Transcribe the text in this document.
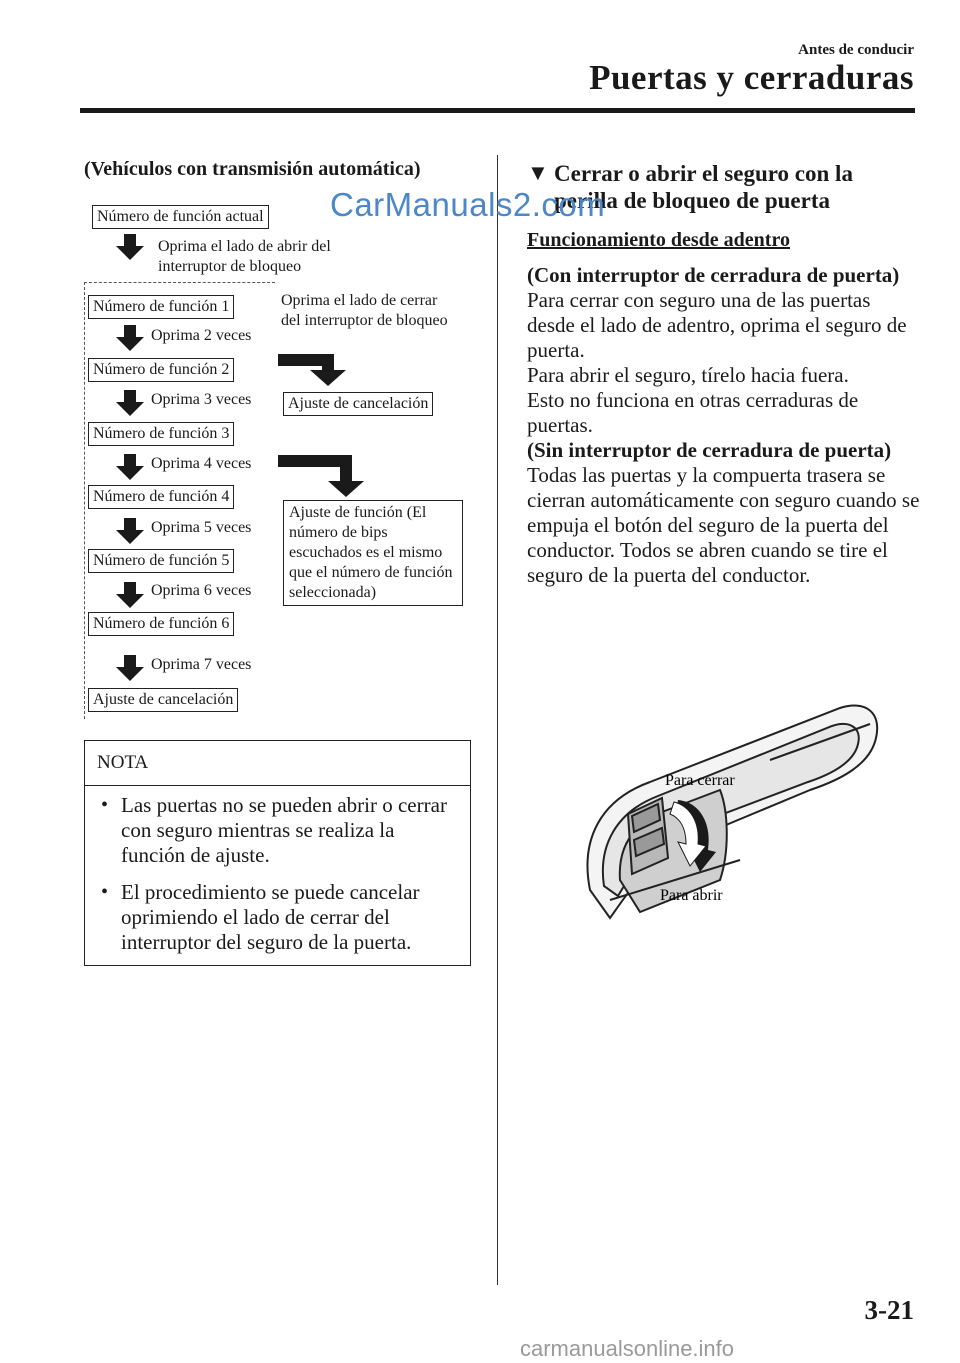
Antes de conducir
Puertas y cerraduras
(Vehículos con transmisión automática)
Número de función actual
Oprima el lado de abrir del interruptor de bloqueo
Número de función 1
Oprima 2 veces
Número de función 2
Oprima 3 veces
Número de función 3
Oprima 4 veces
Número de función 4
Oprima 5 veces
Número de función 5
Oprima 6 veces
Número de función 6
Oprima 7 veces
Ajuste de cancelación
Oprima el lado de cerrar del interruptor de bloqueo
Ajuste de cancelación
Ajuste de función (El número de bips escuchados es el mismo que el número de función seleccionada)
NOTA
• Las puertas no se pueden abrir o cerrar con seguro mientras se realiza la función de ajuste.
• El procedimiento se puede cancelar oprimiendo el lado de cerrar del interruptor del seguro de la puerta.
▼ Cerrar o abrir el seguro con la perilla de bloqueo de puerta
Funcionamiento desde adentro

(Con interruptor de cerradura de puerta)

Para cerrar con seguro una de las puertas desde el lado de adentro, oprima el seguro de puerta.

Para abrir el seguro, tírelo hacia fuera.

Esto no funciona en otras cerraduras de puertas.

(Sin interruptor de cerradura de puerta)

Todas las puertas y la compuerta trasera se cierran automáticamente con seguro cuando se empuja el botón del seguro de la puerta del conductor. Todos se abren cuando se tire el seguro de la puerta del conductor.

Para cerrar
Para abrir
CarManuals2.com
3-21
carmanualsonline.info
